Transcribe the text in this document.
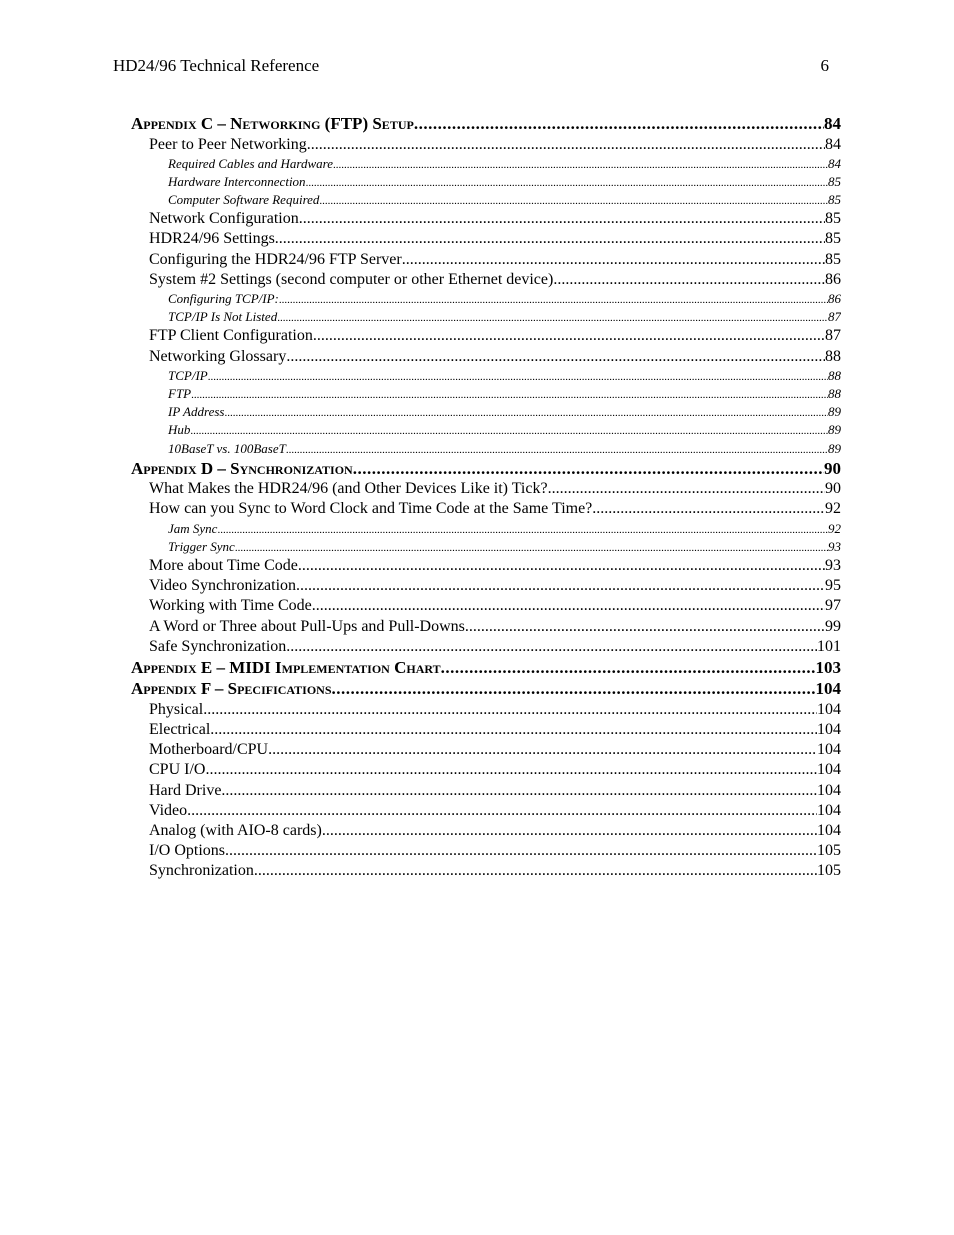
HD24/96 Technical Reference	6
Appendix C – Networking (FTP) Setup .....	84
Peer to Peer Networking .....	84
Required Cables and Hardware .....	84
Hardware Interconnection .....	85
Computer Software Required .....	85
Network Configuration .....	85
HDR24/96 Settings .....	85
Configuring the HDR24/96 FTP Server .....	85
System #2 Settings (second computer or other Ethernet device) .....	86
Configuring TCP/IP: .....	86
TCP/IP Is Not Listed .....	87
FTP Client Configuration .....	87
Networking Glossary .....	88
TCP/IP .....	88
FTP .....	88
IP Address .....	89
Hub .....	89
10BaseT vs. 100BaseT .....	89
Appendix D – Synchronization .....	90
What Makes the HDR24/96 (and Other Devices Like it) Tick? .....	90
How can you Sync to Word Clock and Time Code at the Same Time? .....	92
Jam Sync .....	92
Trigger Sync .....	93
More about Time Code .....	93
Video Synchronization .....	95
Working with Time Code .....	97
A Word or Three about Pull-Ups and Pull-Downs .....	99
Safe Synchronization .....	101
Appendix E – MIDI Implementation Chart .....	103
Appendix F – Specifications .....	104
Physical .....	104
Electrical .....	104
Motherboard/CPU .....	104
CPU I/O .....	104
Hard Drive .....	104
Video .....	104
Analog (with AIO-8 cards) .....	104
I/O Options .....	105
Synchronization .....	105
